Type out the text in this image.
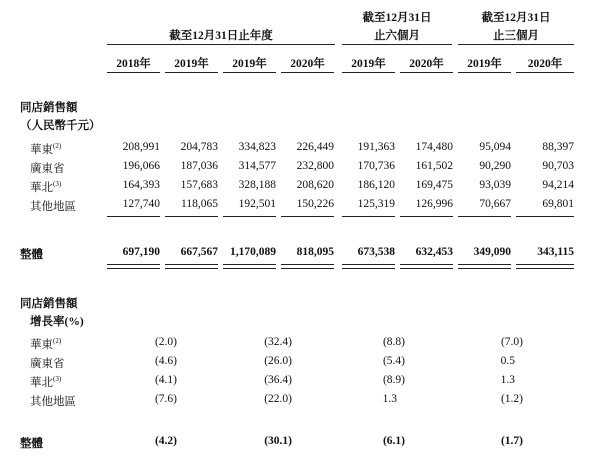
截至12月31日止年度
截至12月31日
止六個月
截至12月31日
止三個月
2018年	2019年	2019年	2020年	2019年	2020年	2019年	2020年
同店銷售額
（人民幣千元）
華東$^{(2)}$	208,991	204,783	334,823	226,449	191,363	174,480	95,094	88,397
廣東省	196,066	187,036	314,577	232,800	170,736	161,502	90,290	90,703
華北$^{(3)}$	164,393	157,683	328,188	208,620	186,120	169,475	93,039	94,214
其他地區	127,740	118,065	192,501	150,226	125,319	126,996	70,667	69,801
整體	697,190	667,567	1,170,089	818,095	673,538	632,453	349,090	343,115
同店銷售額
增長率(%)
華東$^{(2)}$	(2.0)	(32.4)	(8.8)	(7.0)
廣東省	(4.6)	(26.0)	(5.4)	0.5
華北$^{(3)}$	(4.1)	(36.4)	(8.9)	1.3
其他地區	(7.6)	(22.0)	1.3	(1.2)
整體	(4.2)	(30.1)	(6.1)	(1.7)
